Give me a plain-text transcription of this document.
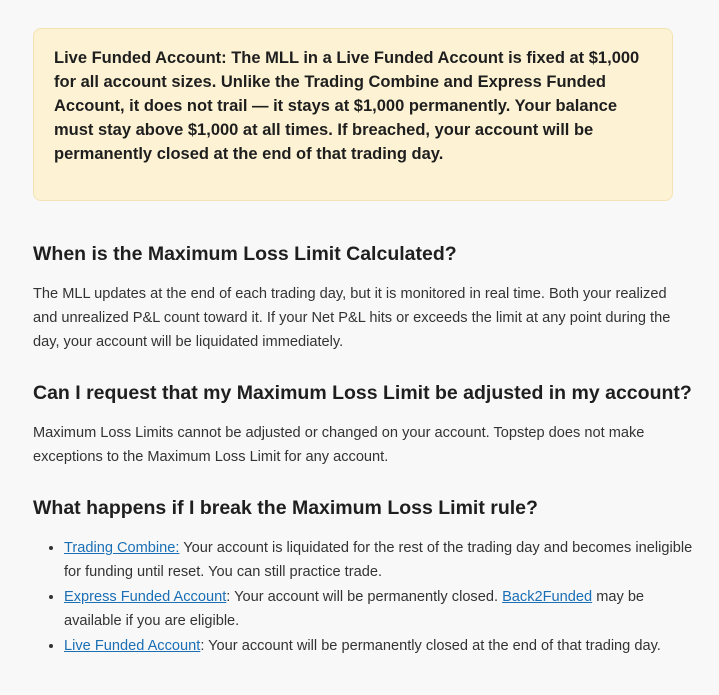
Live Funded Account: The MLL in a Live Funded Account is fixed at $1,000 for all account sizes. Unlike the Trading Combine and Express Funded Account, it does not trail — it stays at $1,000 permanently. Your balance must stay above $1,000 at all times. If breached, your account will be permanently closed at the end of that trading day.

When is the Maximum Loss Limit Calculated?

The MLL updates at the end of each trading day, but it is monitored in real time. Both your realized and unrealized P&L count toward it. If your Net P&L hits or exceeds the limit at any point during the day, your account will be liquidated immediately.

Can I request that my Maximum Loss Limit be adjusted in my account?

Maximum Loss Limits cannot be adjusted or changed on your account. Topstep does not make exceptions to the Maximum Loss Limit for any account.

What happens if I break the Maximum Loss Limit rule?
• Trading Combine: Your account is liquidated for the rest of the trading day and becomes ineligible for funding until reset. You can still practice trade.
• Express Funded Account: Your account will be permanently closed. Back2Funded may be available if you are eligible.
• Live Funded Account: Your account will be permanently closed at the end of that trading day.
